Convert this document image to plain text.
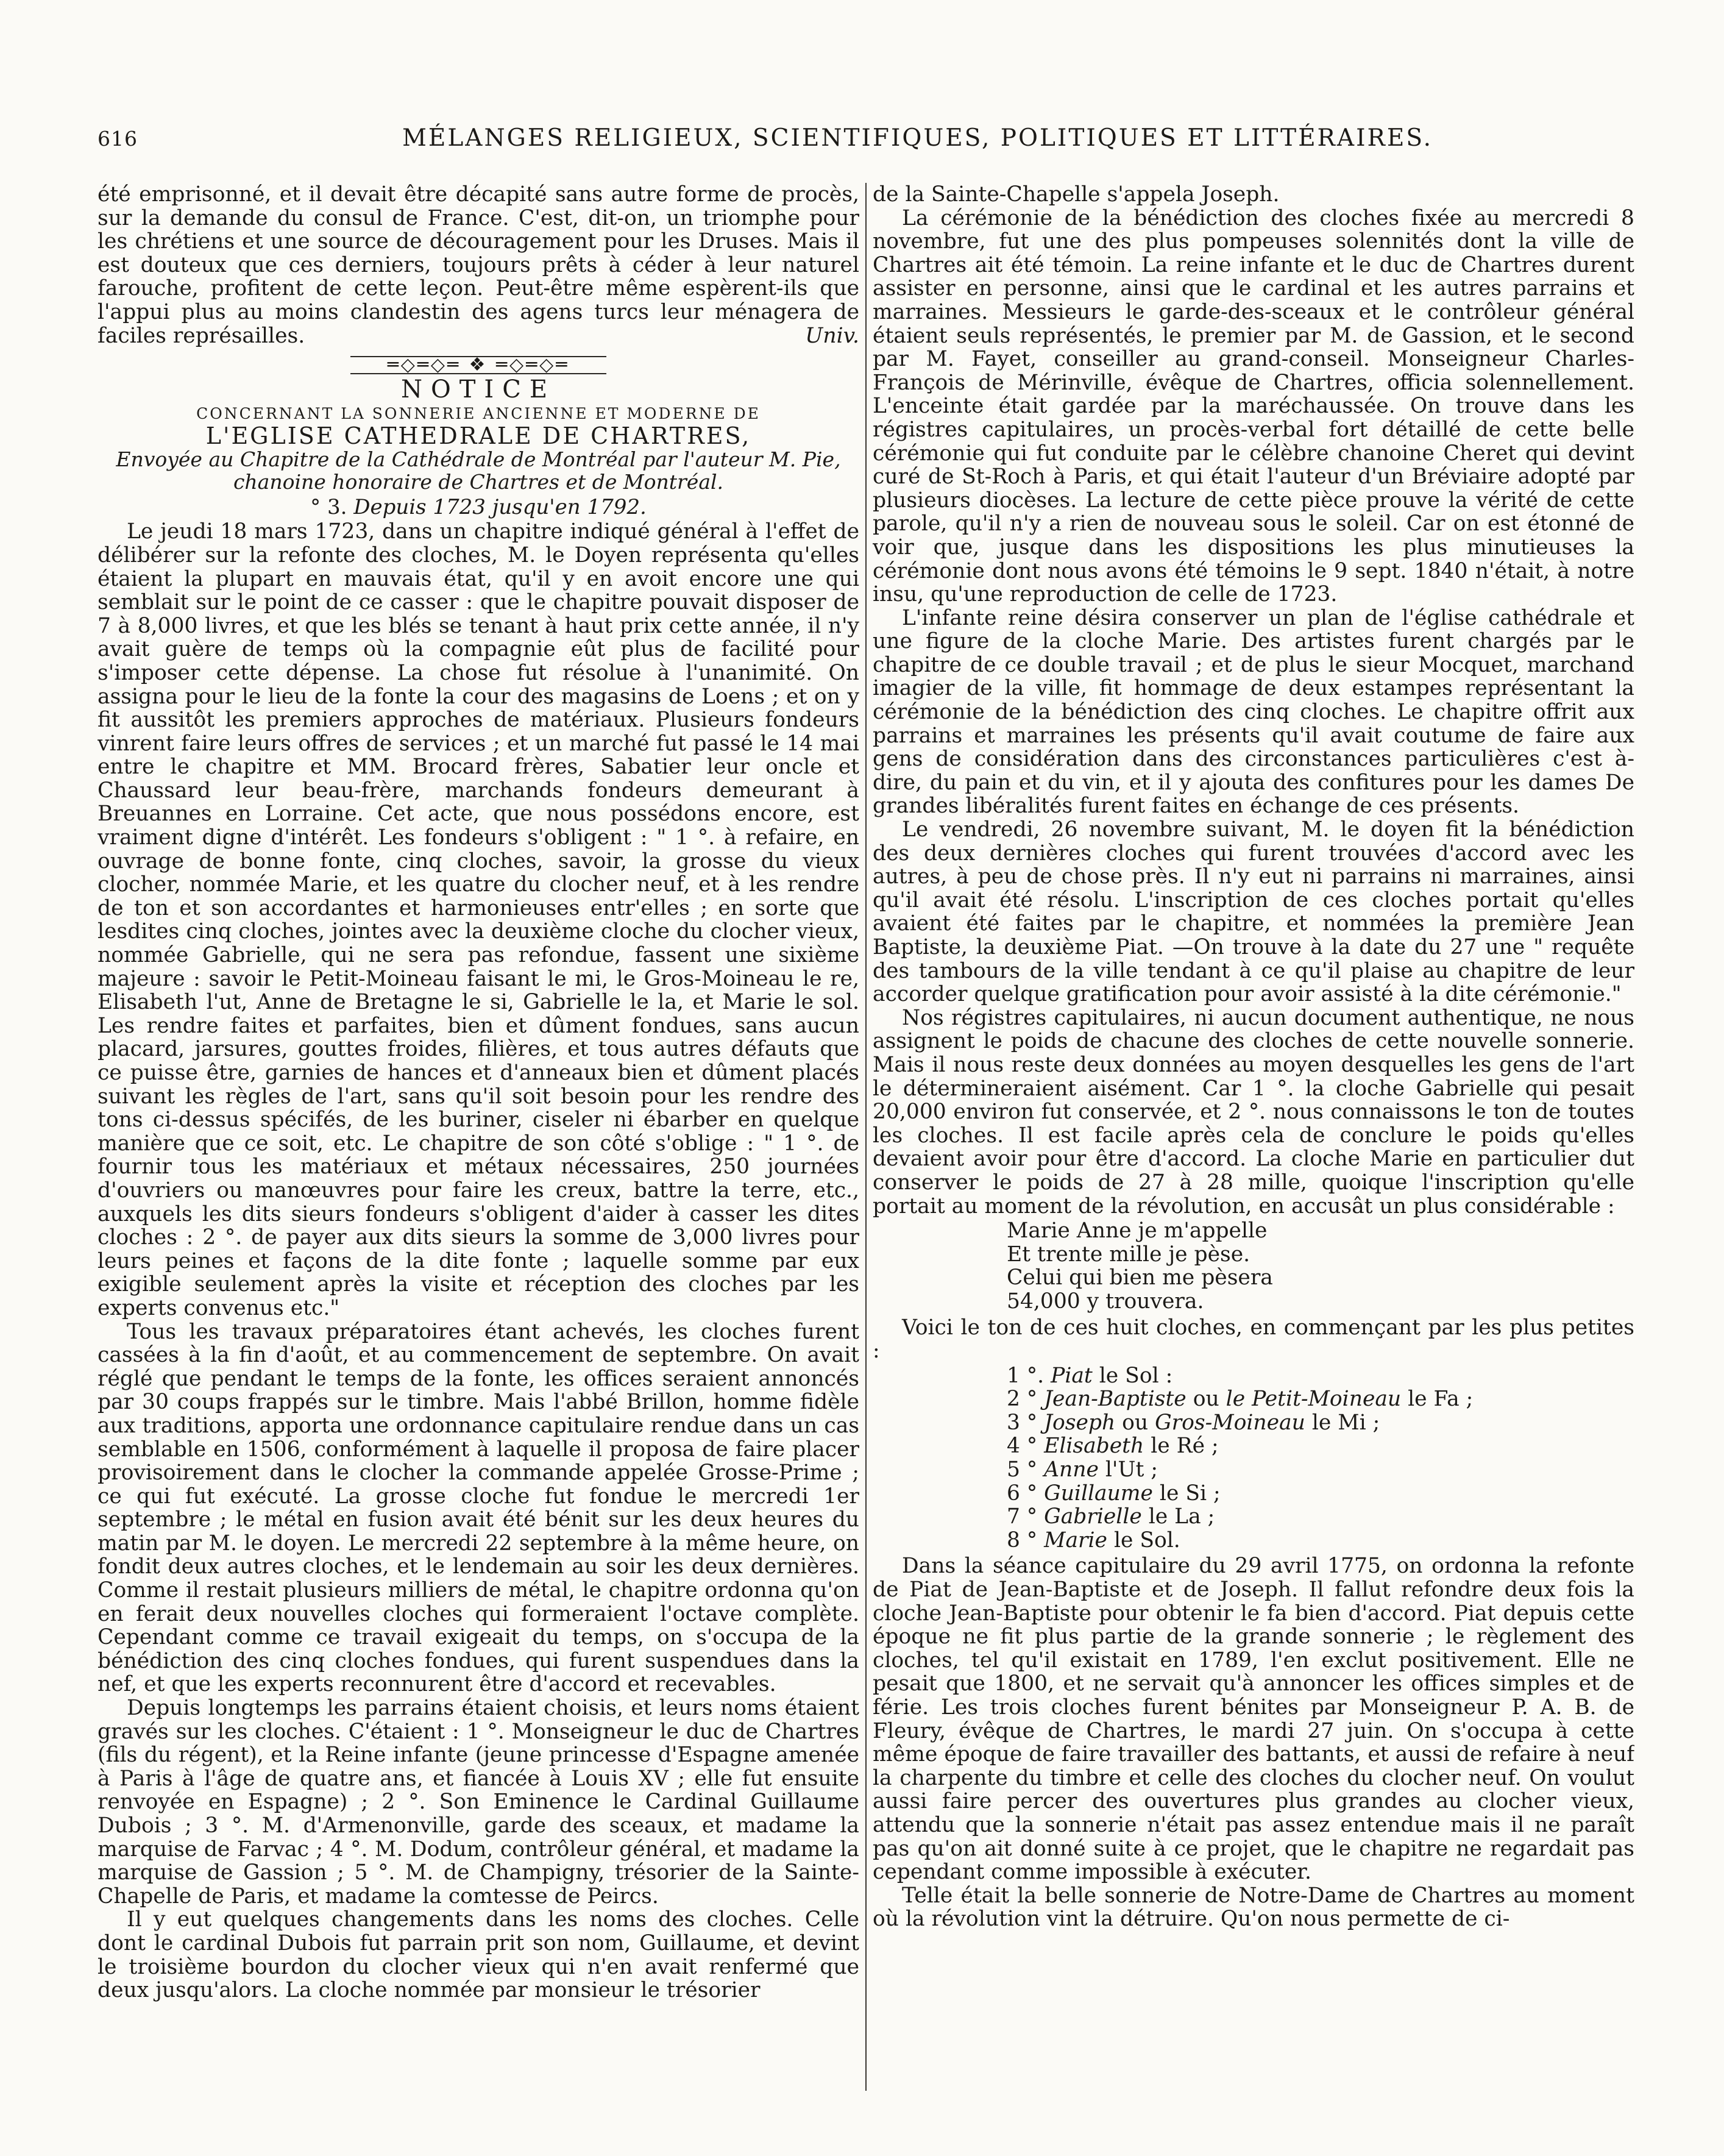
616	MÉLANGES RELIGIEUX, SCIENTIFIQUES, POLITIQUES ET LITTÉRAIRES.

été emprisonné, et il devait être décapité sans autre forme de procès, sur la demande du consul de France. C'est, dit-on, un triomphe pour les chrétiens et une source de découragement pour les Druses. Mais il est douteux que ces derniers, toujours prêts à céder à leur naturel farouche, profitent de cette leçon. Peut-être même espèrent-ils que l'appui plus au moins clandestin des agens turcs leur ménagera de faciles représailles.	Univ.

═◇═◇═ ❖ ═◇═◇═
NOTICE
CONCERNANT LA SONNERIE ANCIENNE ET MODERNE DE
L'EGLISE CATHEDRALE DE CHARTRES,
Envoyée au Chapitre de la Cathédrale de Montréal par l'auteur M. Pie, chanoine honoraire de Chartres et de Montréal.
° 3. Depuis 1723 jusqu'en 1792.

Le jeudi 18 mars 1723, dans un chapitre indiqué général à l'effet de délibérer sur la refonte des cloches, M. le Doyen représenta qu'elles étaient la plupart en mauvais état, qu'il y en avoit encore une qui semblait sur le point de ce casser : que le chapitre pouvait disposer de 7 à 8,000 livres, et que les blés se tenant à haut prix cette année, il n'y avait guère de temps où la compagnie eût plus de facilité pour s'imposer cette dépense. La chose fut résolue à l'unanimité. On assigna pour le lieu de la fonte la cour des magasins de Loens ; et on y fit aussitôt les premiers approches de matériaux. Plusieurs fondeurs vinrent faire leurs offres de services ; et un marché fut passé le 14 mai entre le chapitre et MM. Brocard frères, Sabatier leur oncle et Chaussard leur beau-frère, marchands fondeurs demeurant à Breuannes en Lorraine. Cet acte, que nous possédons encore, est vraiment digne d'intérêt. Les fondeurs s'obligent : " 1 °. à refaire, en ouvrage de bonne fonte, cinq cloches, savoir, la grosse du vieux clocher, nommée Marie, et les quatre du clocher neuf, et à les rendre de ton et son accordantes et harmonieuses entr'elles ; en sorte que lesdites cinq cloches, jointes avec la deuxième cloche du clocher vieux, nommée Gabrielle, qui ne sera pas refondue, fassent une sixième majeure : savoir le Petit-Moineau faisant le mi, le Gros-Moineau le re, Elisabeth l'ut, Anne de Bretagne le si, Gabrielle le la, et Marie le sol. Les rendre faites et parfaites, bien et dûment fondues, sans aucun placard, jarsures, gouttes froides, filières, et tous autres défauts que ce puisse être, garnies de hances et d'anneaux bien et dûment placés suivant les règles de l'art, sans qu'il soit besoin pour les rendre des tons ci-dessus spécifés, de les buriner, ciseler ni ébarber en quelque manière que ce soit, etc. Le chapitre de son côté s'oblige : " 1 °. de fournir tous les matériaux et métaux nécessaires, 250 journées d'ouvriers ou manœuvres pour faire les creux, battre la terre, etc., auxquels les dits sieurs fondeurs s'obligent d'aider à casser les dites cloches : 2 °. de payer aux dits sieurs la somme de 3,000 livres pour leurs peines et façons de la dite fonte ; laquelle somme par eux exigible seulement après la visite et réception des cloches par les experts convenus etc."

Tous les travaux préparatoires étant achevés, les cloches furent cassées à la fin d'août, et au commencement de septembre. On avait réglé que pendant le temps de la fonte, les offices seraient annoncés par 30 coups frappés sur le timbre. Mais l'abbé Brillon, homme fidèle aux traditions, apporta une ordonnance capitulaire rendue dans un cas semblable en 1506, conformément à laquelle il proposa de faire placer provisoirement dans le clocher la commande appelée Grosse-Prime ; ce qui fut exécuté. La grosse cloche fut fondue le mercredi 1er septembre ; le métal en fusion avait été bénit sur les deux heures du matin par M. le doyen. Le mercredi 22 septembre à la même heure, on fondit deux autres cloches, et le lendemain au soir les deux dernières. Comme il restait plusieurs milliers de métal, le chapitre ordonna qu'on en ferait deux nouvelles cloches qui formeraient l'octave complète. Cependant comme ce travail exigeait du temps, on s'occupa de la bénédiction des cinq cloches fondues, qui furent suspendues dans la nef, et que les experts reconnurent être d'accord et recevables.

Depuis longtemps les parrains étaient choisis, et leurs noms étaient gravés sur les cloches. C'étaient : 1 °. Monseigneur le duc de Chartres (fils du régent), et la Reine infante (jeune princesse d'Espagne amenée à Paris à l'âge de quatre ans, et fiancée à Louis XV ; elle fut ensuite renvoyée en Espagne) ; 2 °. Son Eminence le Cardinal Guillaume Dubois ; 3 °. M. d'Armenonville, garde des sceaux, et madame la marquise de Farvac ; 4 °. M. Dodum, contrôleur général, et madame la marquise de Gassion ; 5 °. M. de Champigny, trésorier de la Sainte-Chapelle de Paris, et madame la comtesse de Peircs.

Il y eut quelques changements dans les noms des cloches. Celle dont le cardinal Dubois fut parrain prit son nom, Guillaume, et devint le troisième bourdon du clocher vieux qui n'en avait renfermé que deux jusqu'alors. La cloche nommée par monsieur le trésorier

de la Sainte-Chapelle s'appela Joseph.

La cérémonie de la bénédiction des cloches fixée au mercredi 8 novembre, fut une des plus pompeuses solennités dont la ville de Chartres ait été témoin. La reine infante et le duc de Chartres durent assister en personne, ainsi que le cardinal et les autres parrains et marraines. Messieurs le garde-des-sceaux et le contrôleur général étaient seuls représentés, le premier par M. de Gassion, et le second par M. Fayet, conseiller au grand-conseil. Monseigneur Charles-François de Mérinville, évêque de Chartres, officia solennellement. L'enceinte était gardée par la maréchaussée. On trouve dans les régistres capitulaires, un procès-verbal fort détaillé de cette belle cérémonie qui fut conduite par le célèbre chanoine Cheret qui devint curé de St-Roch à Paris, et qui était l'auteur d'un Bréviaire adopté par plusieurs diocèses. La lecture de cette pièce prouve la vérité de cette parole, qu'il n'y a rien de nouveau sous le soleil. Car on est étonné de voir que, jusque dans les dispositions les plus minutieuses la cérémonie dont nous avons été témoins le 9 sept. 1840 n'était, à notre insu, qu'une reproduction de celle de 1723.

L'infante reine désira conserver un plan de l'église cathédrale et une figure de la cloche Marie. Des artistes furent chargés par le chapitre de ce double travail ; et de plus le sieur Mocquet, marchand imagier de la ville, fit hommage de deux estampes représentant la cérémonie de la bénédiction des cinq cloches. Le chapitre offrit aux parrains et marraines les présents qu'il avait coutume de faire aux gens de considération dans des circonstances particulières c'est à-dire, du pain et du vin, et il y ajouta des confitures pour les dames De grandes libéralités furent faites en échange de ces présents.

Le vendredi, 26 novembre suivant, M. le doyen fit la bénédiction des deux dernières cloches qui furent trouvées d'accord avec les autres, à peu de chose près. Il n'y eut ni parrains ni marraines, ainsi qu'il avait été résolu. L'inscription de ces cloches portait qu'elles avaient été faites par le chapitre, et nommées la première Jean Baptiste, la deuxième Piat. —On trouve à la date du 27 une " requête des tambours de la ville tendant à ce qu'il plaise au chapitre de leur accorder quelque gratification pour avoir assisté à la dite cérémonie."

Nos régistres capitulaires, ni aucun document authentique, ne nous assignent le poids de chacune des cloches de cette nouvelle sonnerie. Mais il nous reste deux données au moyen desquelles les gens de l'art le détermineraient aisément. Car 1 °. la cloche Gabrielle qui pesait 20,000 environ fut conservée, et 2 °. nous connaissons le ton de toutes les cloches. Il est facile après cela de conclure le poids qu'elles devaient avoir pour être d'accord. La cloche Marie en particulier dut conserver le poids de 27 à 28 mille, quoique l'inscription qu'elle portait au moment de la révolution, en accusât un plus considérable :

Marie Anne je m'appelle
Et trente mille je pèse.
Celui qui bien me pèsera
54,000 y trouvera.

Voici le ton de ces huit cloches, en commençant par les plus petites :

1 °. Piat le Sol :
2 ° Jean-Baptiste ou le Petit-Moineau le Fa ;
3 ° Joseph ou Gros-Moineau le Mi ;
4 ° Elisabeth le Ré ;
5 ° Anne l'Ut ;
6 ° Guillaume le Si ;
7 ° Gabrielle le La ;
8 ° Marie le Sol.

Dans la séance capitulaire du 29 avril 1775, on ordonna la refonte de Piat de Jean-Baptiste et de Joseph. Il fallut refondre deux fois la cloche Jean-Baptiste pour obtenir le fa bien d'accord. Piat depuis cette époque ne fit plus partie de la grande sonnerie ; le règlement des cloches, tel qu'il existait en 1789, l'en exclut positivement. Elle ne pesait que 1800, et ne servait qu'à annoncer les offices simples et de férie. Les trois cloches furent bénites par Monseigneur P. A. B. de Fleury, évêque de Chartres, le mardi 27 juin. On s'occupa à cette même époque de faire travailler des battants, et aussi de refaire à neuf la charpente du timbre et celle des cloches du clocher neuf. On voulut aussi faire percer des ouvertures plus grandes au clocher vieux, attendu que la sonnerie n'était pas assez entendue mais il ne paraît pas qu'on ait donné suite à ce projet, que le chapitre ne regardait pas cependant comme impossible à exécuter.

Telle était la belle sonnerie de Notre-Dame de Chartres au moment où la révolution vint la détruire. Qu'on nous permette de ci-
